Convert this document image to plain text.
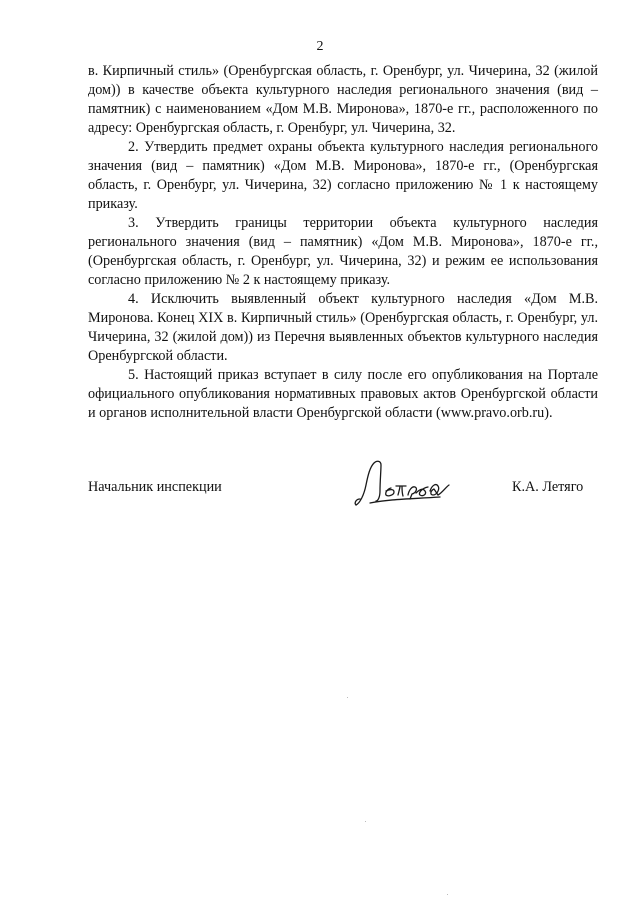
2

в. Кирпичный стиль» (Оренбургская область, г. Оренбург, ул. Чичерина, 32 (жилой дом)) в качестве объекта культурного наследия регионального значения (вид – памятник) с наименованием «Дом М.В. Миронова», 1870-е гг., расположенного по адресу: Оренбургская область, г. Оренбург, ул. Чичерина, 32.

2. Утвердить предмет охраны объекта культурного наследия регионального значения (вид – памятник) «Дом М.В. Миронова», 1870-е гг., (Оренбургская область, г. Оренбург, ул. Чичерина, 32) согласно приложению № 1 к настоящему приказу.

3. Утвердить границы территории объекта культурного наследия регионального значения (вид – памятник) «Дом М.В. Миронова», 1870-е гг., (Оренбургская область, г. Оренбург, ул. Чичерина, 32) и режим ее использования согласно приложению № 2 к настоящему приказу.

4. Исключить выявленный объект культурного наследия «Дом М.В. Миронова. Конец XIX в. Кирпичный стиль» (Оренбургская область, г. Оренбург, ул. Чичерина, 32 (жилой дом)) из Перечня выявленных объектов культурного наследия Оренбургской области.

5. Настоящий приказ вступает в силу после его опубликования на Портале официального опубликования нормативных правовых актов Оренбургской области и органов исполнительной власти Оренбургской области (www.pravo.orb.ru).

Начальник инспекции	К.А. Летяго
